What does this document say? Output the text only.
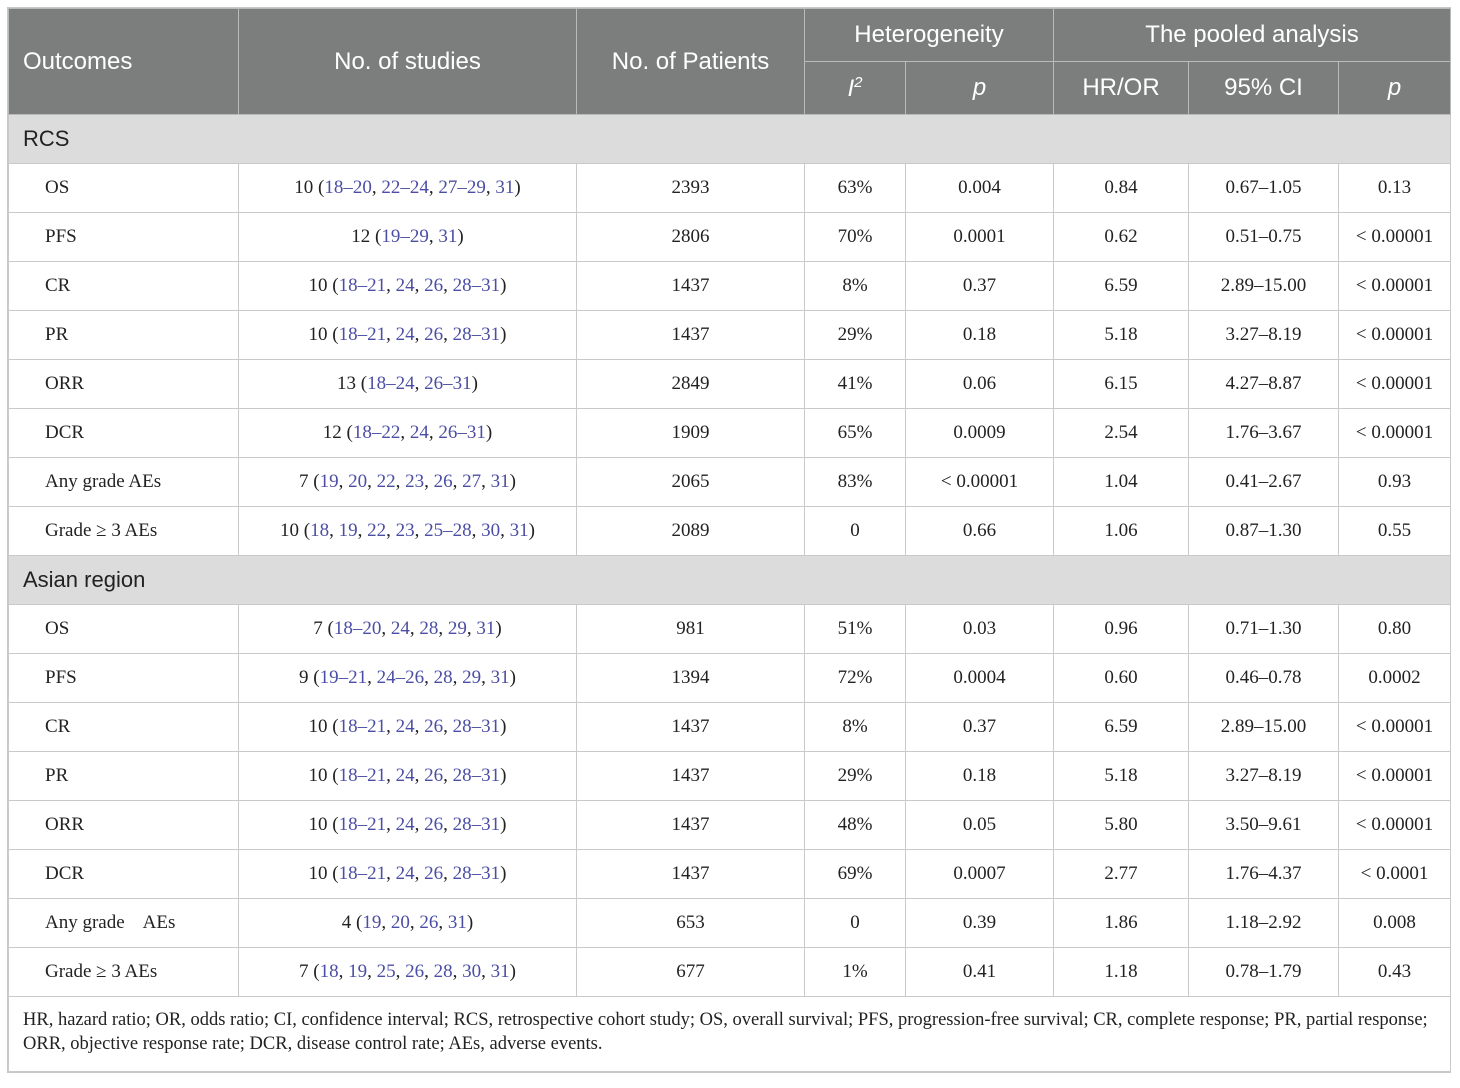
Outcomes	No. of studies	No. of Patients	Heterogeneity		The pooled analysis		
			$I^2$	p	HR/OR	95% CI	p
RCS							
OS	10 (18–20, 22–24, 27–29, 31)	2393	63%	0.004	0.84	0.67–1.05	0.13
PFS	12 (19–29, 31)	2806	70%	0.0001	0.62	0.51–0.75	< 0.00001
CR	10 (18–21, 24, 26, 28–31)	1437	8%	0.37	6.59	2.89–15.00	< 0.00001
PR	10 (18–21, 24, 26, 28–31)	1437	29%	0.18	5.18	3.27–8.19	< 0.00001
ORR	13 (18–24, 26–31)	2849	41%	0.06	6.15	4.27–8.87	< 0.00001
DCR	12 (18–22, 24, 26–31)	1909	65%	0.0009	2.54	1.76–3.67	< 0.00001
Any grade AEs	7 (19, 20, 22, 23, 26, 27, 31)	2065	83%	< 0.00001	1.04	0.41–2.67	0.93
Grade ≥ 3 AEs	10 (18, 19, 22, 23, 25–28, 30, 31)	2089	0	0.66	1.06	0.87–1.30	0.55
Asian region							
OS	7 (18–20, 24, 28, 29, 31)	981	51%	0.03	0.96	0.71–1.30	0.80
PFS	9 (19–21, 24–26, 28, 29, 31)	1394	72%	0.0004	0.60	0.46–0.78	0.0002
CR	10 (18–21, 24, 26, 28–31)	1437	8%	0.37	6.59	2.89–15.00	< 0.00001
PR	10 (18–21, 24, 26, 28–31)	1437	29%	0.18	5.18	3.27–8.19	< 0.00001
ORR	10 (18–21, 24, 26, 28–31)	1437	48%	0.05	5.80	3.50–9.61	< 0.00001
DCR	10 (18–21, 24, 26, 28–31)	1437	69%	0.0007	2.77	1.76–4.37	< 0.0001
Any grade    AEs	4 (19, 20, 26, 31)	653	0	0.39	1.86	1.18–2.92	0.008
Grade ≥ 3 AEs	7 (18, 19, 25, 26, 28, 30, 31)	677	1%	0.41	1.18	0.78–1.79	0.43
HR, hazard ratio; OR, odds ratio; CI, confidence interval; RCS, retrospective cohort study; OS, overall survival; PFS, progression-free survival; CR, complete response; PR, partial response; ORR, objective response rate; DCR, disease control rate; AEs, adverse events.							
